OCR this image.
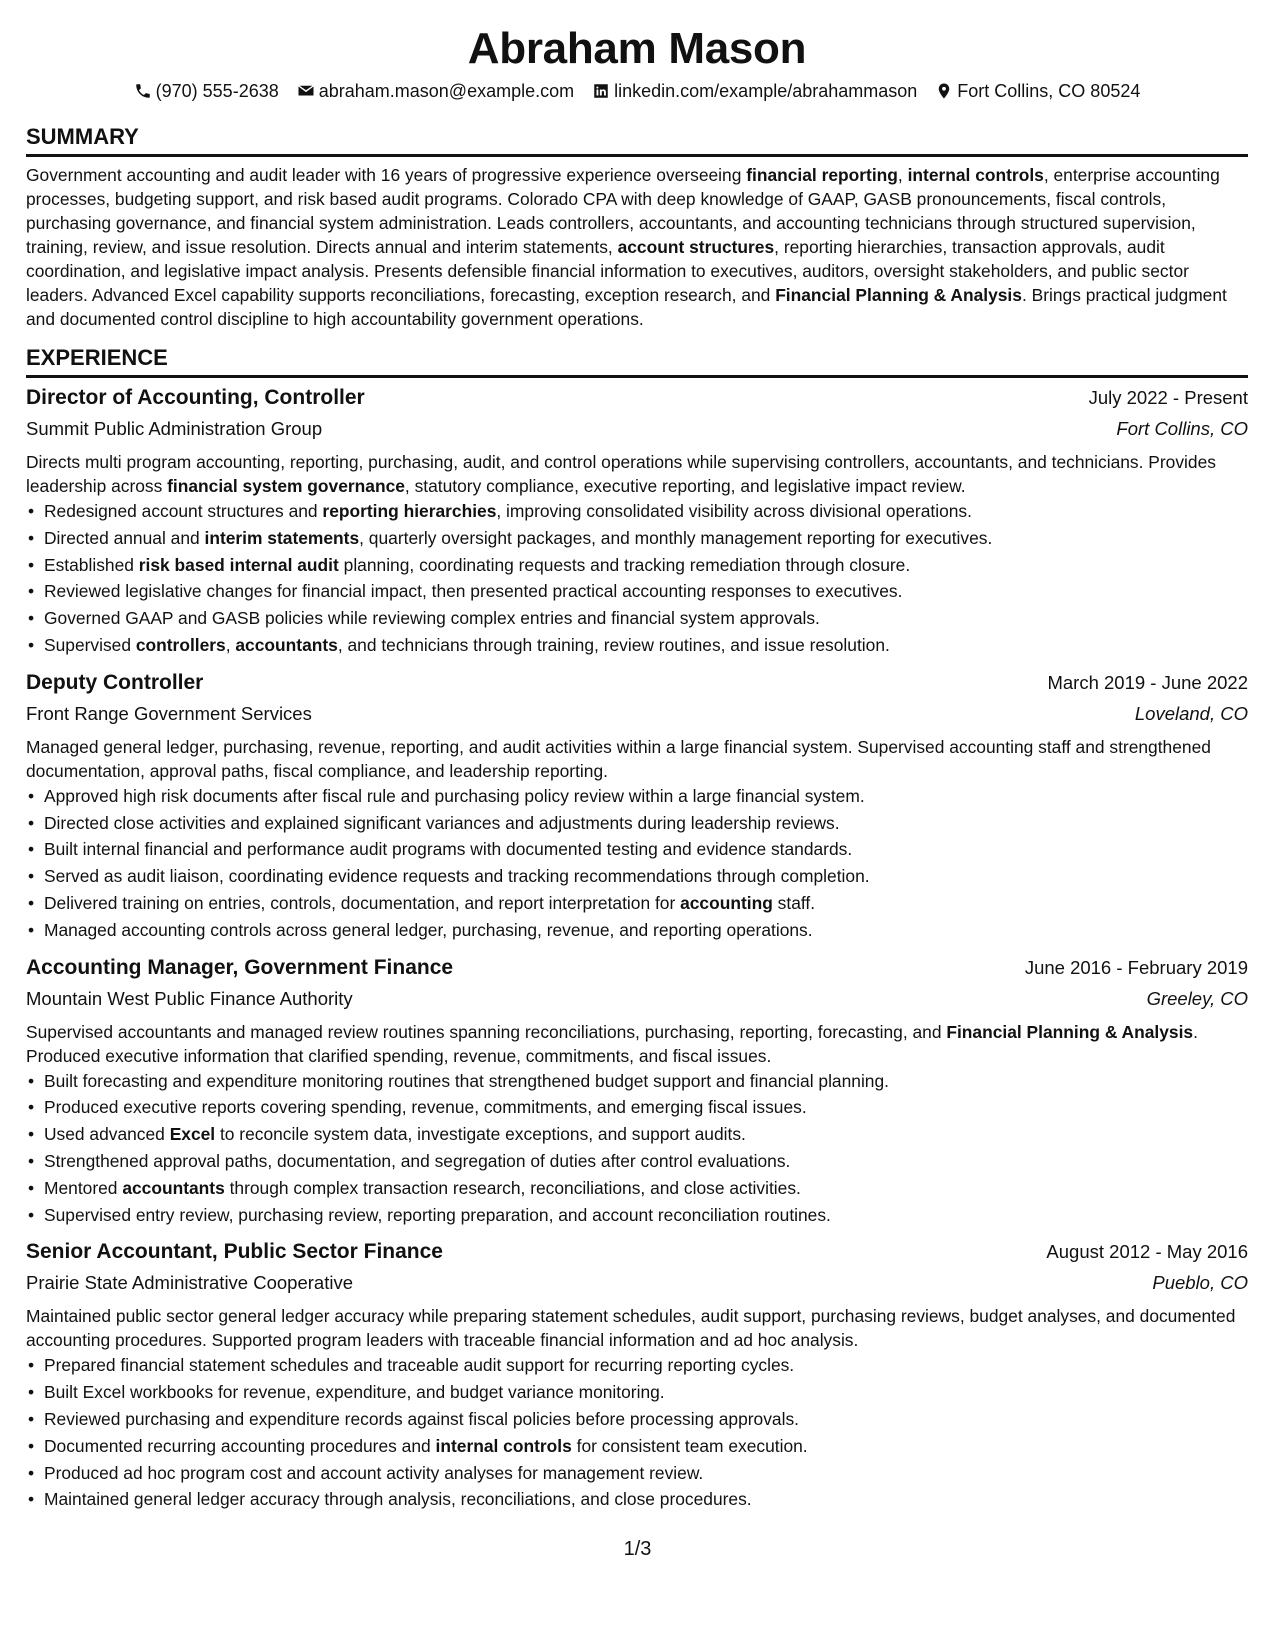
Abraham Mason
(970) 555-2638 abraham.mason@example.com linkedin.com/example/abrahammason Fort Collins, CO 80524
SUMMARY

Government accounting and audit leader with 16 years of progressive experience overseeing financial reporting, internal controls, enterprise accounting processes, budgeting support, and risk based audit programs. Colorado CPA with deep knowledge of GAAP, GASB pronouncements, fiscal controls, purchasing governance, and financial system administration. Leads controllers, accountants, and accounting technicians through structured supervision, training, review, and issue resolution. Directs annual and interim statements, account structures, reporting hierarchies, transaction approvals, audit coordination, and legislative impact analysis. Presents defensible financial information to executives, auditors, oversight stakeholders, and public sector leaders. Advanced Excel capability supports reconciliations, forecasting, exception research, and Financial Planning & Analysis. Brings practical judgment and documented control discipline to high accountability government operations.

EXPERIENCE
Director of Accounting, Controller	July 2022 - Present
Summit Public Administration Group	Fort Collins, CO

Directs multi program accounting, reporting, purchasing, audit, and control operations while supervising controllers, accountants, and technicians. Provides leadership across financial system governance, statutory compliance, executive reporting, and legislative impact review.

• Redesigned account structures and reporting hierarchies, improving consolidated visibility across divisional operations.
• Directed annual and interim statements, quarterly oversight packages, and monthly management reporting for executives.
• Established risk based internal audit planning, coordinating requests and tracking remediation through closure.
• Reviewed legislative changes for financial impact, then presented practical accounting responses to executives.
• Governed GAAP and GASB policies while reviewing complex entries and financial system approvals.
• Supervised controllers, accountants, and technicians through training, review routines, and issue resolution.
Deputy Controller	March 2019 - June 2022
Front Range Government Services	Loveland, CO

Managed general ledger, purchasing, revenue, reporting, and audit activities within a large financial system. Supervised accounting staff and strengthened documentation, approval paths, fiscal compliance, and leadership reporting.

• Approved high risk documents after fiscal rule and purchasing policy review within a large financial system.
• Directed close activities and explained significant variances and adjustments during leadership reviews.
• Built internal financial and performance audit programs with documented testing and evidence standards.
• Served as audit liaison, coordinating evidence requests and tracking recommendations through completion.
• Delivered training on entries, controls, documentation, and report interpretation for accounting staff.
• Managed accounting controls across general ledger, purchasing, revenue, and reporting operations.
Accounting Manager, Government Finance	June 2016 - February 2019
Mountain West Public Finance Authority	Greeley, CO

Supervised accountants and managed review routines spanning reconciliations, purchasing, reporting, forecasting, and Financial Planning & Analysis. Produced executive information that clarified spending, revenue, commitments, and fiscal issues.

• Built forecasting and expenditure monitoring routines that strengthened budget support and financial planning.
• Produced executive reports covering spending, revenue, commitments, and emerging fiscal issues.
• Used advanced Excel to reconcile system data, investigate exceptions, and support audits.
• Strengthened approval paths, documentation, and segregation of duties after control evaluations.
• Mentored accountants through complex transaction research, reconciliations, and close activities.
• Supervised entry review, purchasing review, reporting preparation, and account reconciliation routines.
Senior Accountant, Public Sector Finance	August 2012 - May 2016
Prairie State Administrative Cooperative	Pueblo, CO

Maintained public sector general ledger accuracy while preparing statement schedules, audit support, purchasing reviews, budget analyses, and documented accounting procedures. Supported program leaders with traceable financial information and ad hoc analysis.

• Prepared financial statement schedules and traceable audit support for recurring reporting cycles.
• Built Excel workbooks for revenue, expenditure, and budget variance monitoring.
• Reviewed purchasing and expenditure records against fiscal policies before processing approvals.
• Documented recurring accounting procedures and internal controls for consistent team execution.
• Produced ad hoc program cost and account activity analyses for management review.
• Maintained general ledger accuracy through analysis, reconciliations, and close procedures.
1/3
